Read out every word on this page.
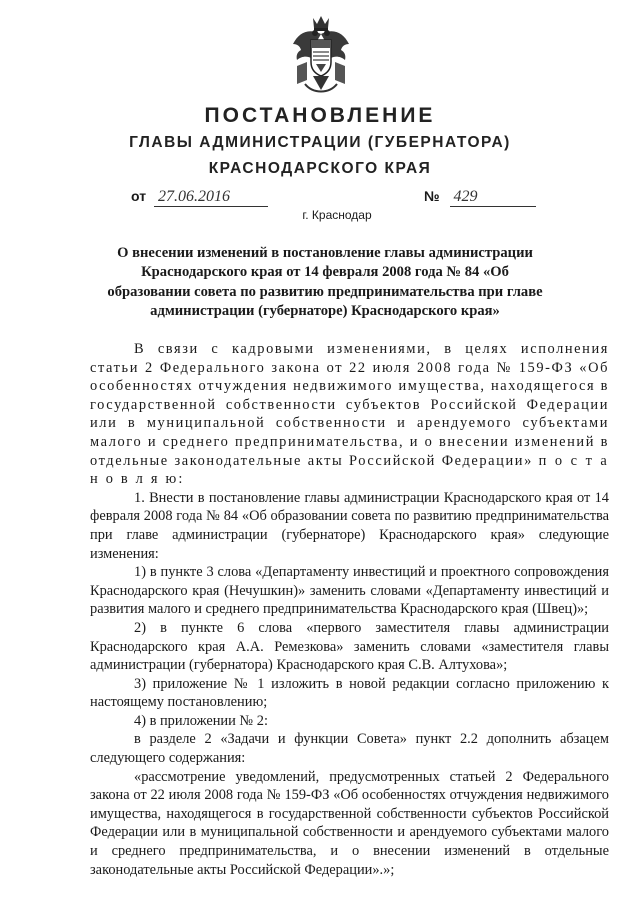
ПОСТАНОВЛЕНИЕ
ГЛАВЫ АДМИНИСТРАЦИИ (ГУБЕРНАТОРА)
КРАСНОДАРСКОГО КРАЯ
от 27.06.2016	№ 429
г. Краснодар
О внесении изменений в постановление главы администрации Краснодарского края от 14 февраля 2008 года № 84 «Об образовании совета по развитию предпринимательства при главе администрации (губернаторе) Краснодарского края»

В связи с кадровыми изменениями, в целях исполнения статьи 2 Федерального закона от 22 июля 2008 года № 159-ФЗ «Об особенностях отчуждения недвижимого имущества, находящегося в государственной собственности субъектов Российской Федерации или в муниципальной собственности и арендуемого субъектами малого и среднего предпринимательства, и о внесении изменений в отдельные законодательные акты Российской Федерации» п о с т а н о в л я ю:

1. Внести в постановление главы администрации Краснодарского края от 14 февраля 2008 года № 84 «Об образовании совета по развитию предпринимательства при главе администрации (губернаторе) Краснодарского края» следующие изменения:

1) в пункте 3 слова «Департаменту инвестиций и проектного сопровождения Краснодарского края (Нечушкин)» заменить словами «Департаменту инвестиций и развития малого и среднего предпринимательства Краснодарского края (Швец)»;

2) в пункте 6 слова «первого заместителя главы администрации Краснодарского края А.А. Ремезкова» заменить словами «заместителя главы администрации (губернатора) Краснодарского края С.В. Алтухова»;

3) приложение № 1 изложить в новой редакции согласно приложению к настоящему постановлению;

4) в приложении № 2:

в разделе 2 «Задачи и функции Совета» пункт 2.2 дополнить абзацем следующего содержания:

«рассмотрение уведомлений, предусмотренных статьей 2 Федерального закона от 22 июля 2008 года № 159-ФЗ «Об особенностях отчуждения недвижимого имущества, находящегося в государственной собственности субъектов Российской Федерации или в муниципальной собственности и арендуемого субъектами малого и среднего предпринимательства, и о внесении изменений в отдельные законодательные акты Российской Федерации».»;
